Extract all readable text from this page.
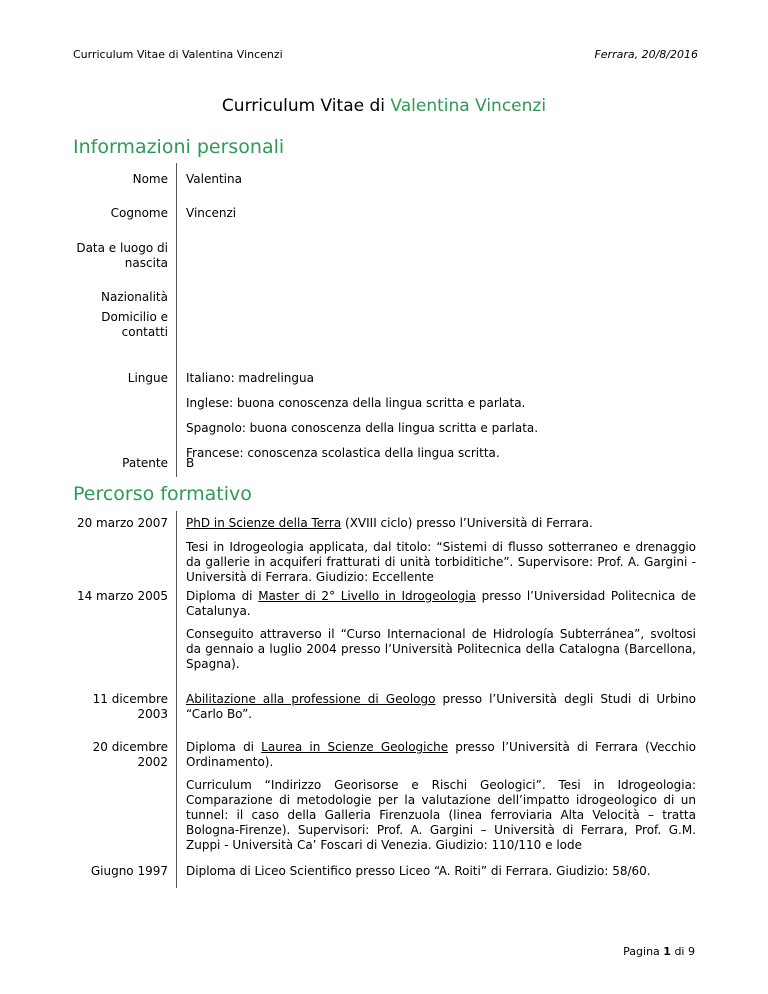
Curriculum Vitae di Valentina Vincenzi	Ferrara, 20/8/2016
Curriculum Vitae di Valentina Vincenzi
Informazioni personali
Nome Valentina
Cognome Vincenzi
Data e luogo di
nascita
Nazionalità
Domicilio e
contatti
Lingue Italiano: madrelingua
Inglese: buona conoscenza della lingua scritta e parlata.
Spagnolo: buona conoscenza della lingua scritta e parlata.
Francese: conoscenza scolastica della lingua scritta.
Patente B
Percorso formativo
20 marzo 2007 PhD in Scienze della Terra (XVIII ciclo) presso l’Università di Ferrara.
Tesi in Idrogeologia applicata, dal titolo: “Sistemi di flusso sotterraneo e drenaggio da gallerie in acquiferi fratturati di unità torbiditiche”. Supervisore: Prof. A. Gargini - Università di Ferrara. Giudizio: Eccellente
14 marzo 2005 Diploma di Master di 2° Livello in Idrogeologia presso l’Universidad Politecnica de Catalunya.
Conseguito attraverso il “Curso Internacional de Hidrología Subterránea”, svoltosi da gennaio a luglio 2004 presso l’Università Politecnica della Catalogna (Barcellona, Spagna).
11 dicembre
2003
Abilitazione alla professione di Geologo presso l’Università degli Studi di Urbino “Carlo Bo”.
20 dicembre
2002
Diploma di Laurea in Scienze Geologiche presso l’Università di Ferrara (Vecchio Ordinamento).
Curriculum “Indirizzo Georisorse e Rischi Geologici”. Tesi in Idrogeologia: Comparazione di metodologie per la valutazione dell’impatto idrogeologico di un tunnel: il caso della Galleria Firenzuola (linea ferroviaria Alta Velocità – tratta Bologna-Firenze). Supervisori: Prof. A. Gargini – Università di Ferrara, Prof. G.M. Zuppi - Università Ca’ Foscari di Venezia. Giudizio: 110/110 e lode
Giugno 1997 Diploma di Liceo Scientifico presso Liceo “A. Roiti” di Ferrara. Giudizio: 58/60.
Pagina 1 di 9
